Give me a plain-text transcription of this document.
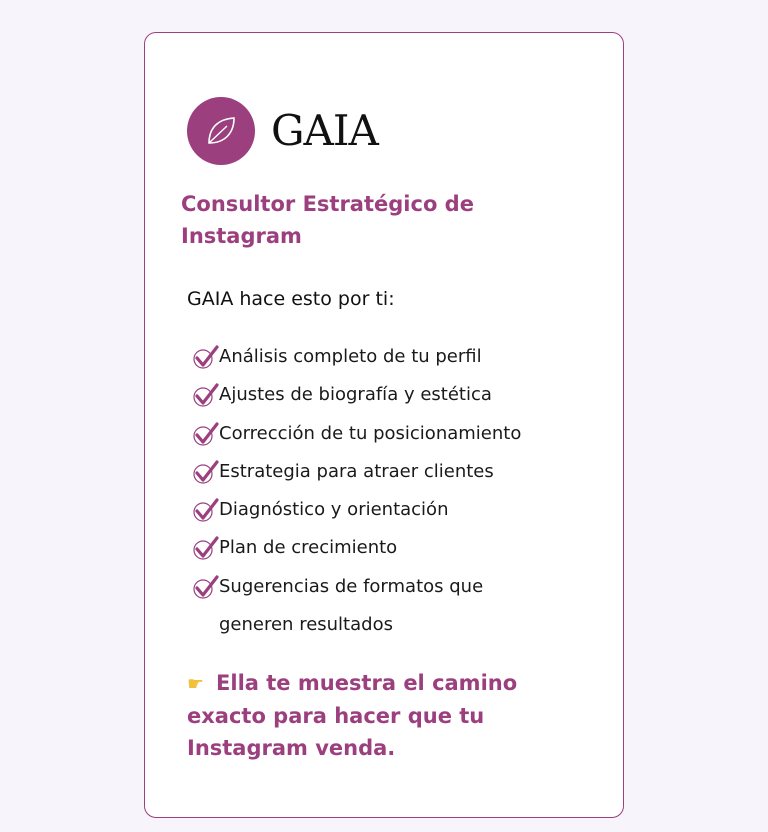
GAIA
Consultor Estratégico de Instagram
GAIA hace esto por ti:
Análisis completo de tu perfil
Ajustes de biografía y estética
Corrección de tu posicionamiento
Estrategia para atraer clientes
Diagnóstico y orientación
Plan de crecimiento
Sugerencias de formatos que generen resultados
☛ Ella te muestra el camino exacto para hacer que tu Instagram venda.
